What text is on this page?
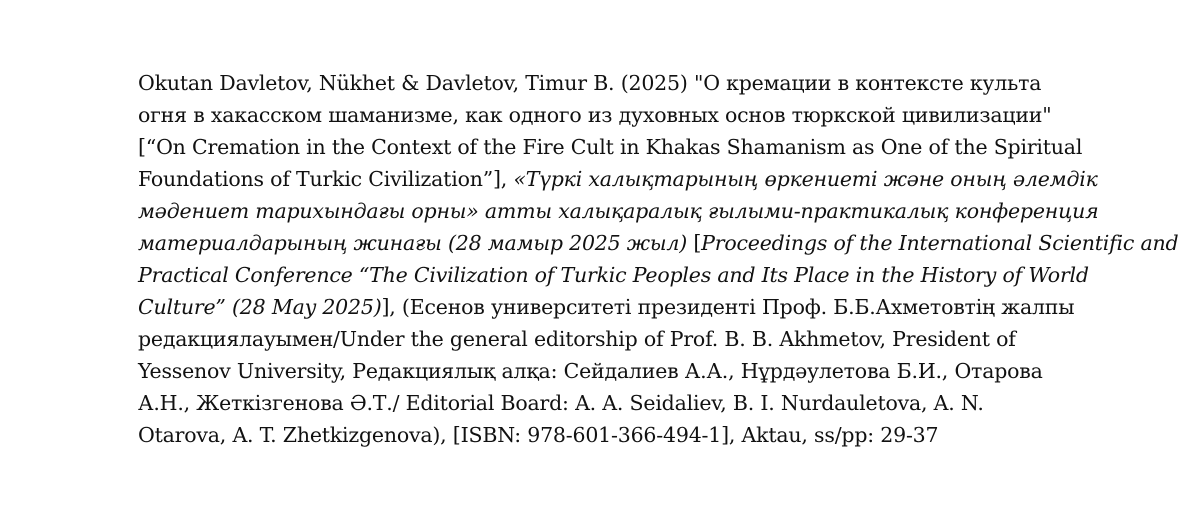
Okutan Davletov, Nükhet & Davletov, Timur B. (2025) "О кремации в контексте культа
огня в хакасском шаманизме, как одного из духовных основ тюркской цивилизации"
[“On Cremation in the Context of the Fire Cult in Khakas Shamanism as One of the Spiritual
Foundations of Turkic Civilization”], «Түркі халықтарының өркениеті және оның әлемдік
мәдениет тарихындағы орны» атты халықаралық ғылыми-практикалық конференция
материалдарының жинағы (28 мамыр 2025 жыл) [Proceedings of the International Scientific and
Practical Conference “The Civilization of Turkic Peoples and Its Place in the History of World
Culture” (28 May 2025)], (Есенов университеті президенті Проф. Б.Б.Ахметовтің жалпы
редакциялауымен/Under the general editorship of Prof. B. B. Akhmetov, President of
Yessenov University, Редакциялық алқа: Сейдалиев А.А., Нұрдәулетова Б.И., Отарова
А.Н., Жеткізгенова Ә.Т./ Editorial Board: A. A. Seidaliev, B. I. Nurdauletova, A. N.
Otarova, A. T. Zhetkizgenova), [ISBN: 978-601-366-494-1], Aktau, ss/pp: 29-37
